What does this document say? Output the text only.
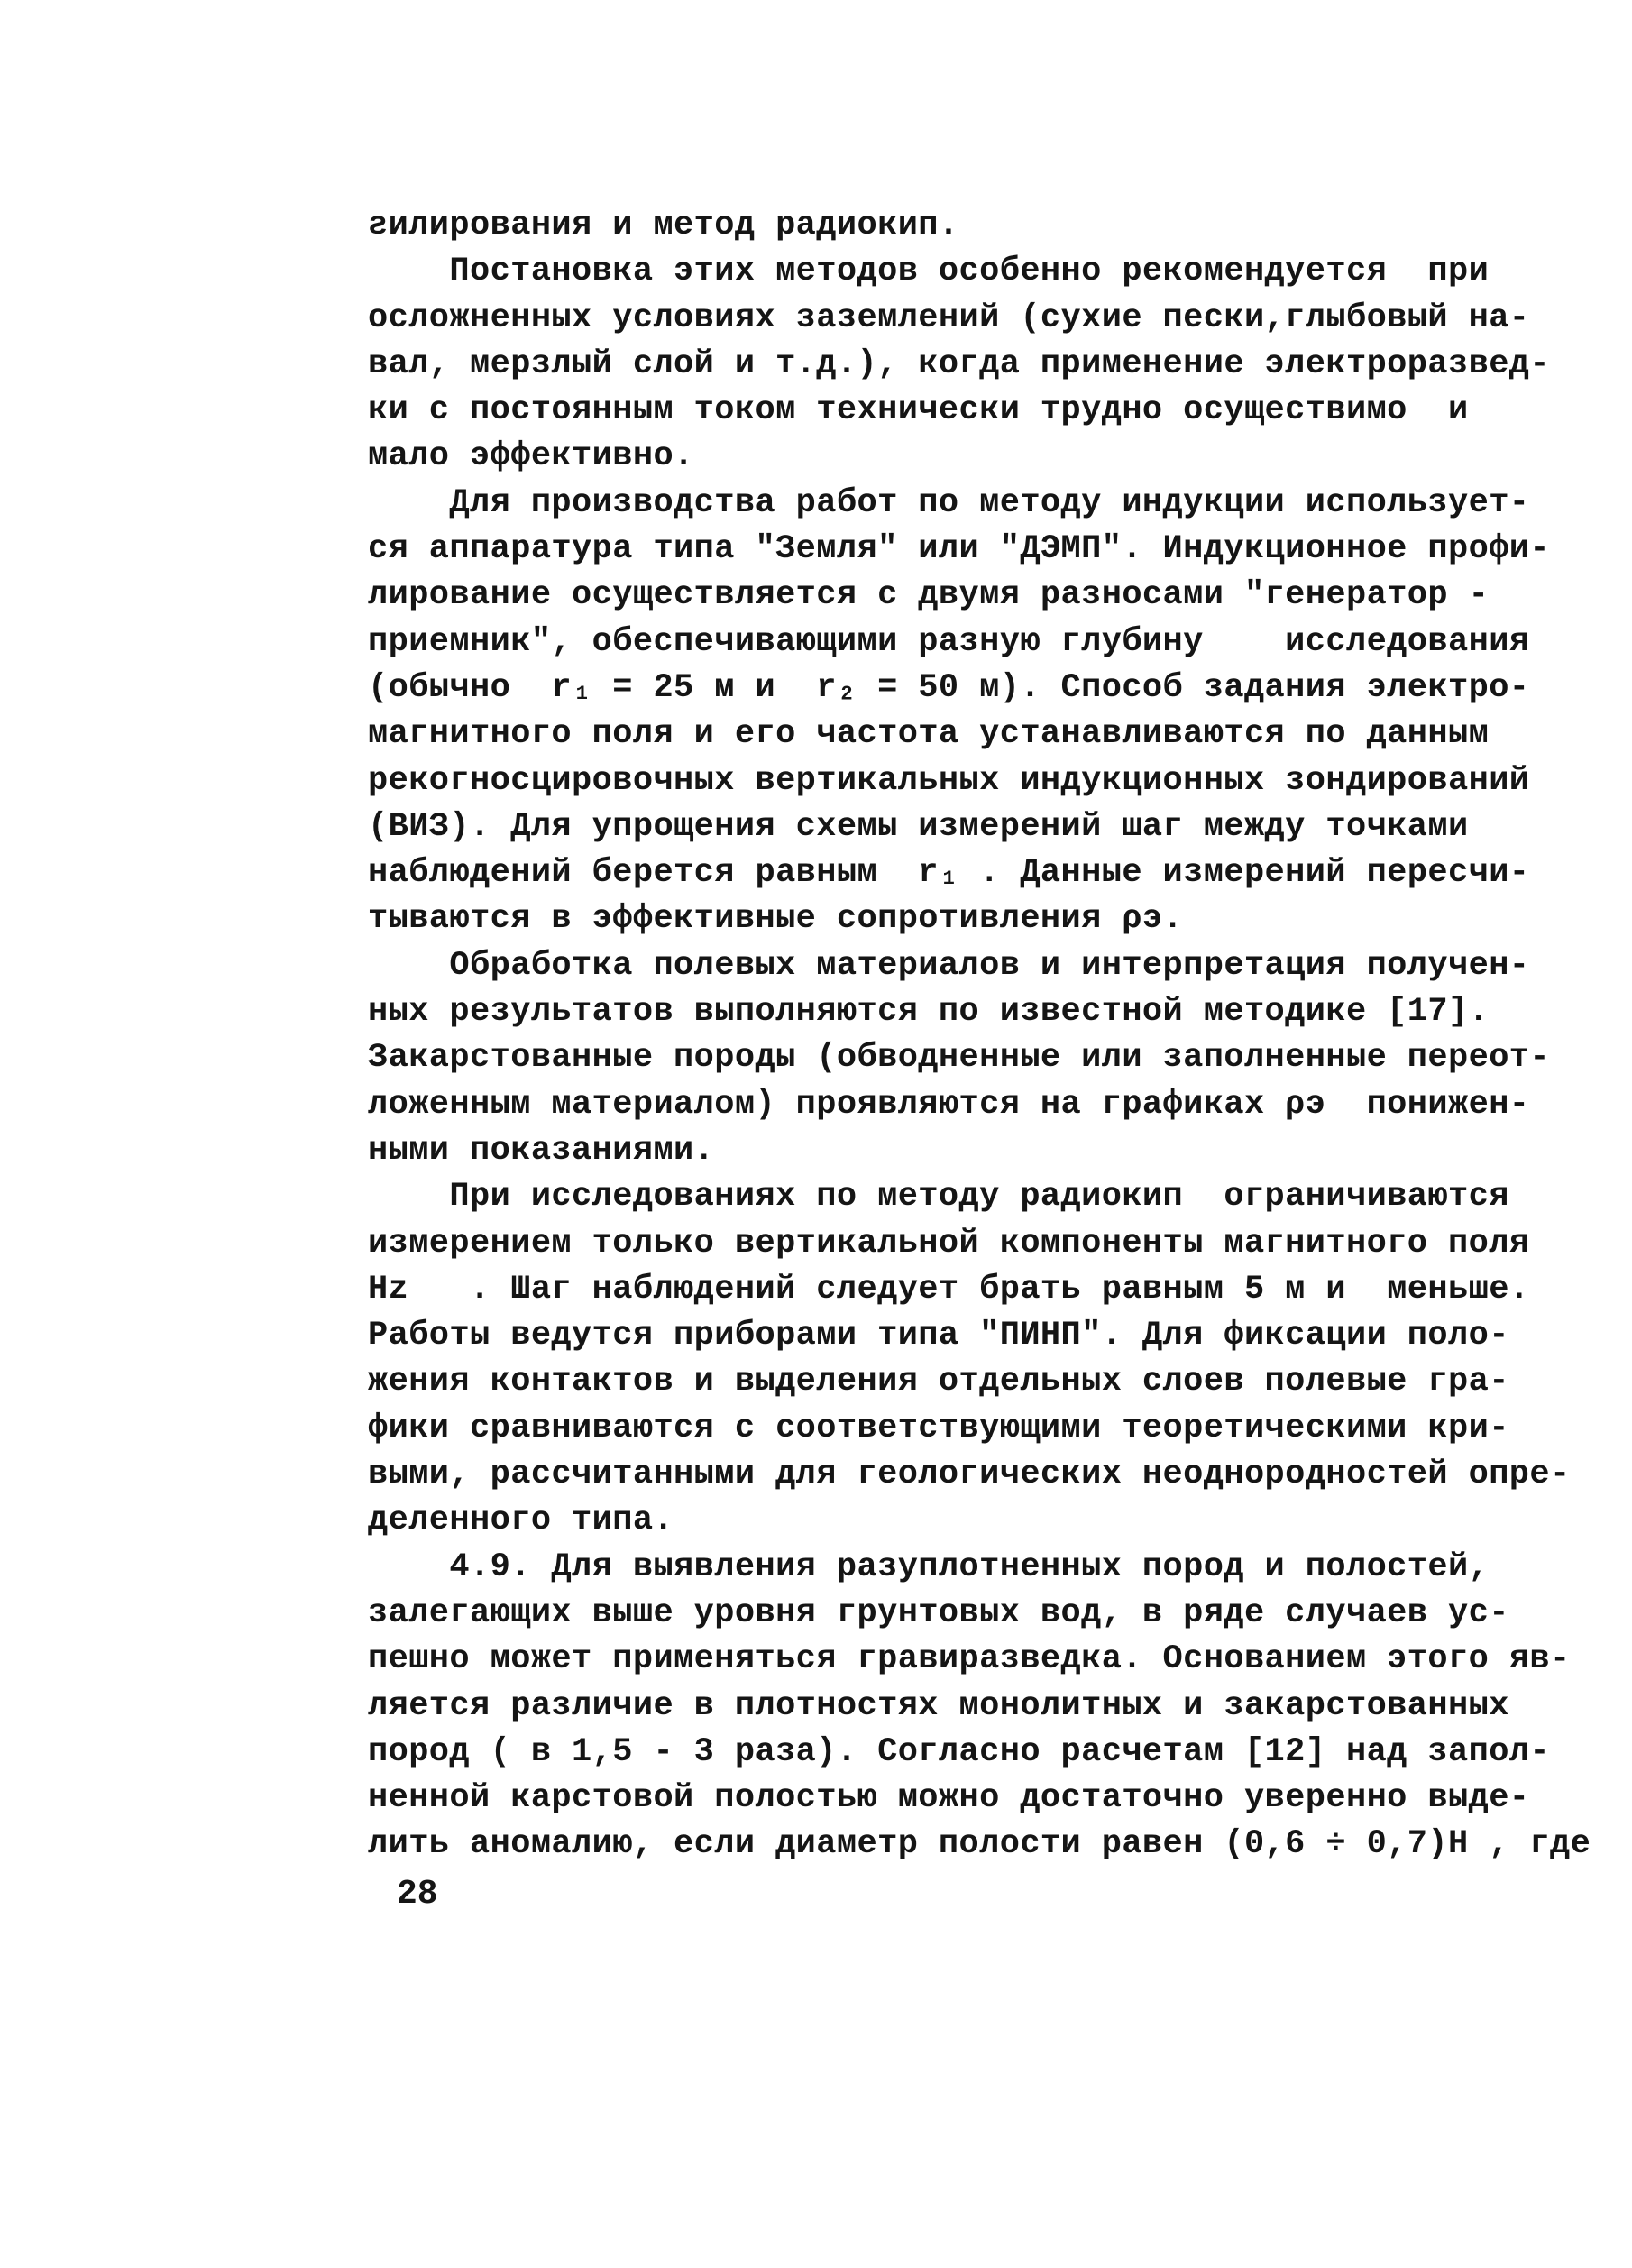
ƨилирования и метод радиокип.
Постановка этих методов особенно рекомендуется  при
осложненных условиях заземлений (сухие пески,глыбовый на-
вал, мерзлый слой и т.д.), когда применение электроразвед-
ки с постоянным током технически трудно осуществимо  и
мало эффективно.
Для производства работ по методу индукции использует-
ся аппаратура типа "Земля" или "ДЭМП". Индукционное профи-
лирование осуществляется с двумя разносами "генератор -
приемник", обеспечивающими разную глубину    исследования
(обычно  r₁ = 25 м и  r₂ = 50 м). Способ задания электро-
магнитного поля и его частота устанавливаются по данным
рекогносцировочных вертикальных индукционных зондирований
(ВИЗ). Для упрощения схемы измерений шаг между точками
наблюдений берется равным  r₁ . Данные измерений пересчи-
тываются в эффективные сопротивления ρэ.
Обработка полевых материалов и интерпретация получен-
ных результатов выполняются по известной методике [17].
Закарстованные породы (обводненные или заполненные переот-
ложенным материалом) проявляются на графиках ρэ  понижен-
ными показаниями.
При исследованиях по методу радиокип  ограничиваются
измерением только вертикальной компоненты магнитного поля
Hz   . Шаг наблюдений следует брать равным 5 м и  меньше.
Работы ведутся приборами типа "ПИНП". Для фиксации поло-
жения контактов и выделения отдельных слоев полевые гра-
фики сравниваются с соответствующими теоретическими кри-
выми, рассчитанными для геологических неоднородностей опре-
деленного типа.
4.9. Для выявления разуплотненных пород и полостей,
залегающих выше уровня грунтовых вод, в ряде случаев ус-
пешно может применяться гравиразведка. Основанием этого яв-
ляется различие в плотностях монолитных и закарстованных
пород ( в 1,5 - 3 раза). Согласно расчетам [12] над запол-
ненной карстовой полостью можно достаточно уверенно выде-
лить аномалию, если диаметр полости равен (0,6 ÷ 0,7)Н , где
28
